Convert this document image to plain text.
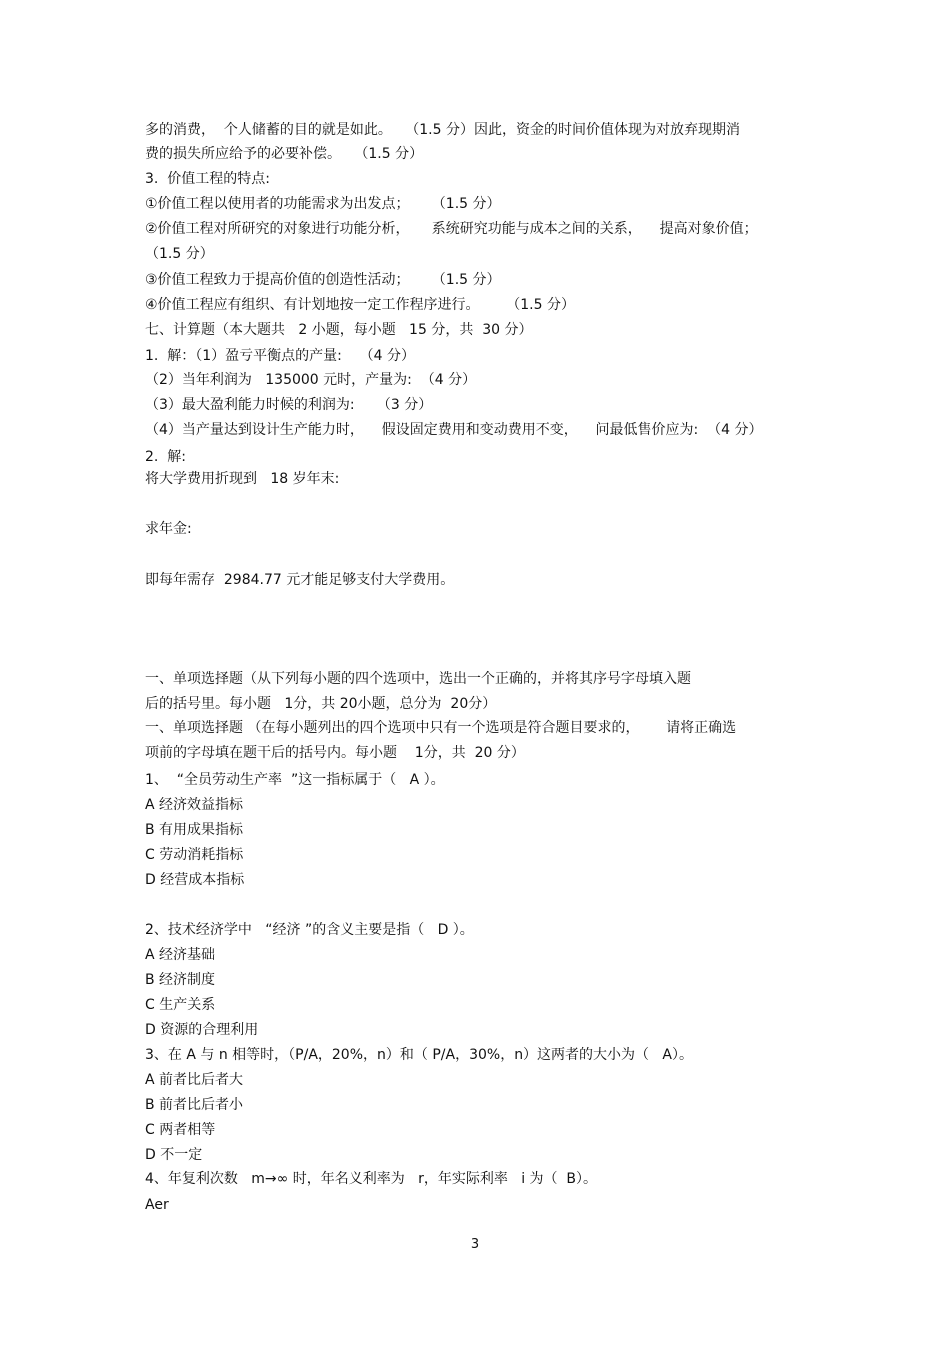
多的消费，  个人储蓄的目的就是如此。   （1.5 分）因此，资金的时间价值体现为对放弃现期消
费的损失所应给予的必要补偿。   （1.5 分）
3.  价值工程的特点:
①价值工程以使用者的功能需求为出发点；     （1.5 分）
②价值工程对所研究的对象进行功能分析，     系统研究功能与成本之间的关系，    提高对象价值；
（1.5 分）
③价值工程致力于提高价值的创造性活动；     （1.5 分）
④价值工程应有组织、有计划地按一定工作程序进行。      （1.5 分）
七、计算题（本大题共   2 小题，每小题   15 分，共  30 分）
1.  解：（1）盈亏平衡点的产量:    （4 分）
（2）当年利润为   135000 元时，产量为:  （4 分）
（3）最大盈利能力时候的利润为:     （3 分）
（4）当产量达到设计生产能力时，    假设固定费用和变动费用不变，    问最低售价应为:  （4 分）
2.  解:
将大学费用折现到   18 岁年末:
求年金:
即每年需存  2984.77 元才能足够支付大学费用。
一、单项选择题（从下列每小题的四个选项中，选出一个正确的，并将其序号字母填入题
后的括号里。每小题   1分，共 20小题，总分为  20分）
一、单项选择题 （在每小题列出的四个选项中只有一个选项是符合题目要求的，      请将正确选
项前的字母填在题干后的括号内。每小题    1分，共  20 分）
1、  “全员劳动生产率  ”这一指标属于（   A ）。
A 经济效益指标
B 有用成果指标
C 劳动消耗指标
D 经营成本指标
2、技术经济学中   “经济 ”的含义主要是指（   D ）。
A 经济基础
B 经济制度
C 生产关系
D 资源的合理利用
3、在 A 与 n 相等时，（P/A，20%，n）和（ P/A，30%，n）这两者的大小为（   A）。
A 前者比后者大
B 前者比后者小
C 两者相等
D 不一定
4、年复利次数   m→∞ 时，年名义利率为   r，年实际利率   i 为（  B）。
Aer
3
